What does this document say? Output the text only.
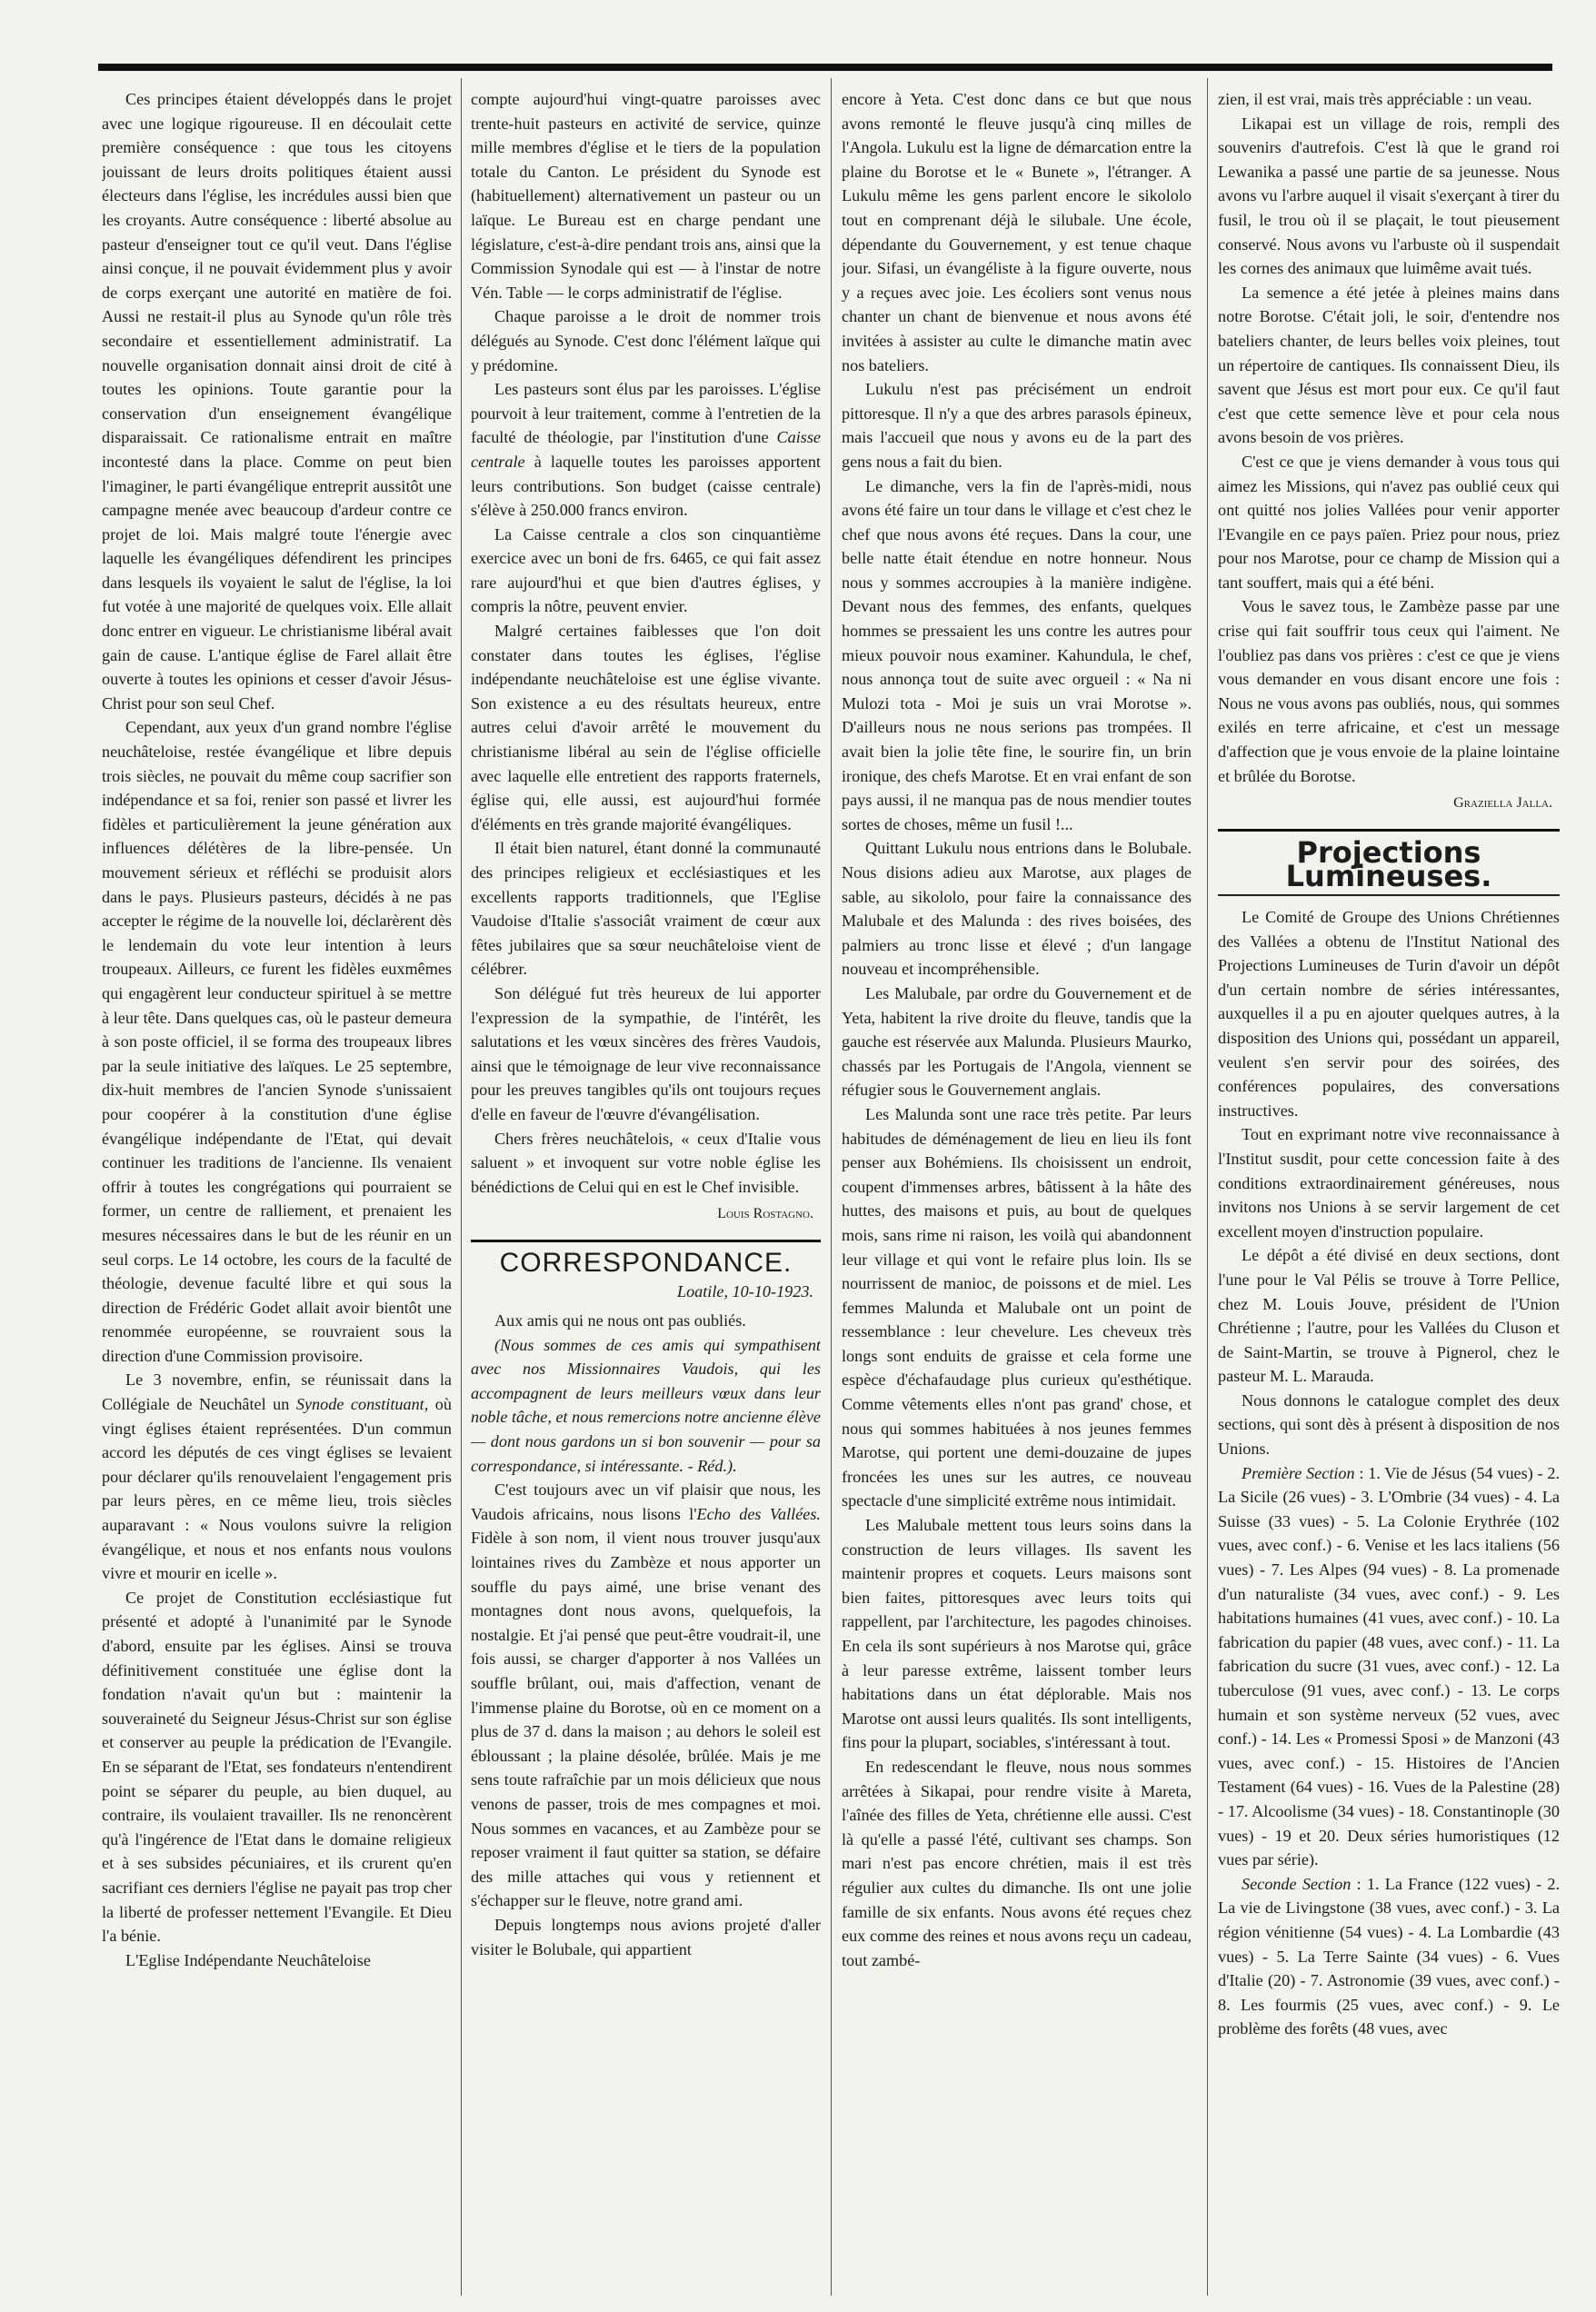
Ces principes étaient développés dans le projet avec une logique rigoureuse. Il en découlait cette première conséquence : que tous les citoyens jouissant de leurs droits politiques étaient aussi électeurs dans l'église, les incrédules aussi bien que les croyants. Autre conséquence : liberté absolue au pasteur d'enseigner tout ce qu'il veut. Dans l'église ainsi conçue, il ne pouvait évidemment plus y avoir de corps exerçant une autorité en matière de foi. Aussi ne restait-il plus au Synode qu'un rôle très secondaire et essentiellement administratif. La nouvelle organisation donnait ainsi droit de cité à toutes les opinions. Toute garantie pour la conservation d'un enseignement évangélique disparaissait. Ce rationalisme entrait en maître incontesté dans la place. Comme on peut bien l'imaginer, le parti évangélique entreprit aussitôt une campagne menée avec beaucoup d'ardeur contre ce projet de loi. Mais malgré toute l'énergie avec laquelle les évangéliques défendirent les principes dans lesquels ils voyaient le salut de l'église, la loi fut votée à une majorité de quelques voix. Elle allait donc entrer en vigueur. Le christianisme libéral avait gain de cause. L'antique église de Farel allait être ouverte à toutes les opinions et cesser d'avoir Jésus-Christ pour son seul Chef.

Cependant, aux yeux d'un grand nombre l'église neuchâteloise, restée évangélique et libre depuis trois siècles, ne pouvait du même coup sacrifier son indépendance et sa foi, renier son passé et livrer les fidèles et particulièrement la jeune génération aux influences délétères de la libre-pensée. Un mouvement sérieux et réfléchi se produisit alors dans le pays. Plusieurs pasteurs, décidés à ne pas accepter le régime de la nouvelle loi, déclarèrent dès le lendemain du vote leur intention à leurs troupeaux. Ailleurs, ce furent les fidèles euxmêmes qui engagèrent leur conducteur spirituel à se mettre à leur tête. Dans quelques cas, où le pasteur demeura à son poste officiel, il se forma des troupeaux libres par la seule initiative des laïques. Le 25 septembre, dix-huit membres de l'ancien Synode s'unissaient pour coopérer à la constitution d'une église évangélique indépendante de l'Etat, qui devait continuer les traditions de l'ancienne. Ils venaient offrir à toutes les congrégations qui pourraient se former, un centre de ralliement, et prenaient les mesures nécessaires dans le but de les réunir en un seul corps. Le 14 octobre, les cours de la faculté de théologie, devenue faculté libre et qui sous la direction de Frédéric Godet allait avoir bientôt une renommée européenne, se rouvraient sous la direction d'une Commission provisoire.

Le 3 novembre, enfin, se réunissait dans la Collégiale de Neuchâtel un Synode constituant, où vingt églises étaient représentées. D'un commun accord les députés de ces vingt églises se levaient pour déclarer qu'ils renouvelaient l'engagement pris par leurs pères, en ce même lieu, trois siècles auparavant : « Nous voulons suivre la religion évangélique, et nous et nos enfants nous voulons vivre et mourir en icelle ».

Ce projet de Constitution ecclésiastique fut présenté et adopté à l'unanimité par le Synode d'abord, ensuite par les églises. Ainsi se trouva définitivement constituée une église dont la fondation n'avait qu'un but : maintenir la souveraineté du Seigneur Jésus-Christ sur son église et conserver au peuple la prédication de l'Evangile. En se séparant de l'Etat, ses fondateurs n'entendirent point se séparer du peuple, au bien duquel, au contraire, ils voulaient travailler. Ils ne renoncèrent qu'à l'ingérence de l'Etat dans le domaine religieux et à ses subsides pécuniaires, et ils crurent qu'en sacrifiant ces derniers l'église ne payait pas trop cher la liberté de professer nettement l'Evangile. Et Dieu l'a bénie.

L'Eglise Indépendante Neuchâteloise

compte aujourd'hui vingt-quatre paroisses avec trente-huit pasteurs en activité de service, quinze mille membres d'église et le tiers de la population totale du Canton. Le président du Synode est (habituellement) alternativement un pasteur ou un laïque. Le Bureau est en charge pendant une législature, c'est-à-dire pendant trois ans, ainsi que la Commission Synodale qui est — à l'instar de notre Vén. Table — le corps administratif de l'église.

Chaque paroisse a le droit de nommer trois délégués au Synode. C'est donc l'élément laïque qui y prédomine.

Les pasteurs sont élus par les paroisses. L'église pourvoit à leur traitement, comme à l'entretien de la faculté de théologie, par l'institution d'une Caisse centrale à laquelle toutes les paroisses apportent leurs contributions. Son budget (caisse centrale) s'élève à 250.000 francs environ.

La Caisse centrale a clos son cinquantième exercice avec un boni de frs. 6465, ce qui fait assez rare aujourd'hui et que bien d'autres églises, y compris la nôtre, peuvent envier.

Malgré certaines faiblesses que l'on doit constater dans toutes les églises, l'église indépendante neuchâteloise est une église vivante. Son existence a eu des résultats heureux, entre autres celui d'avoir arrêté le mouvement du christianisme libéral au sein de l'église officielle avec laquelle elle entretient des rapports fraternels, église qui, elle aussi, est aujourd'hui formée d'éléments en très grande majorité évangéliques.

Il était bien naturel, étant donné la communauté des principes religieux et ecclésiastiques et les excellents rapports traditionnels, que l'Eglise Vaudoise d'Italie s'associât vraiment de cœur aux fêtes jubilaires que sa sœur neuchâteloise vient de célébrer.

Son délégué fut très heureux de lui apporter l'expression de la sympathie, de l'intérêt, les salutations et les vœux sincères des frères Vaudois, ainsi que le témoignage de leur vive reconnaissance pour les preuves tangibles qu'ils ont toujours reçues d'elle en faveur de l'œuvre d'évangélisation.

Chers frères neuchâtelois, « ceux d'Italie vous saluent » et invoquent sur votre noble église les bénédictions de Celui qui en est le Chef invisible.

Louis Rostagno.
CORRESPONDANCE.
Loatile, 10-10-1923.

Aux amis qui ne nous ont pas oubliés.

(Nous sommes de ces amis qui sympathisent avec nos Missionnaires Vaudois, qui les accompagnent de leurs meilleurs vœux dans leur noble tâche, et nous remercions notre ancienne élève — dont nous gardons un si bon souvenir — pour sa correspondance, si intéressante. - Réd.).

C'est toujours avec un vif plaisir que nous, les Vaudois africains, nous lisons l'Echo des Vallées. Fidèle à son nom, il vient nous trouver jusqu'aux lointaines rives du Zambèze et nous apporter un souffle du pays aimé, une brise venant des montagnes dont nous avons, quelquefois, la nostalgie. Et j'ai pensé que peut-être voudrait-il, une fois aussi, se charger d'apporter à nos Vallées un souffle brûlant, oui, mais d'affection, venant de l'immense plaine du Borotse, où en ce moment on a plus de 37 d. dans la maison ; au dehors le soleil est ébloussant ; la plaine désolée, brûlée. Mais je me sens toute rafraîchie par un mois délicieux que nous venons de passer, trois de mes compagnes et moi. Nous sommes en vacances, et au Zambèze pour se reposer vraiment il faut quitter sa station, se défaire des mille attaches qui vous y retiennent et s'échapper sur le fleuve, notre grand ami.

Depuis longtemps nous avions projeté d'aller visiter le Bolubale, qui appartient

encore à Yeta. C'est donc dans ce but que nous avons remonté le fleuve jusqu'à cinq milles de l'Angola. Lukulu est la ligne de démarcation entre la plaine du Borotse et le « Bunete », l'étranger. A Lukulu même les gens parlent encore le sikololo tout en comprenant déjà le silubale. Une école, dépendante du Gouvernement, y est tenue chaque jour. Sifasi, un évangéliste à la figure ouverte, nous y a reçues avec joie. Les écoliers sont venus nous chanter un chant de bienvenue et nous avons été invitées à assister au culte le dimanche matin avec nos bateliers.

Lukulu n'est pas précisément un endroit pittoresque. Il n'y a que des arbres parasols épineux, mais l'accueil que nous y avons eu de la part des gens nous a fait du bien.

Le dimanche, vers la fin de l'après-midi, nous avons été faire un tour dans le village et c'est chez le chef que nous avons été reçues. Dans la cour, une belle natte était étendue en notre honneur. Nous nous y sommes accroupies à la manière indigène. Devant nous des femmes, des enfants, quelques hommes se pressaient les uns contre les autres pour mieux pouvoir nous examiner. Kahundula, le chef, nous annonça tout de suite avec orgueil : « Na ni Mulozi tota - Moi je suis un vrai Morotse ». D'ailleurs nous ne nous serions pas trompées. Il avait bien la jolie tête fine, le sourire fin, un brin ironique, des chefs Marotse. Et en vrai enfant de son pays aussi, il ne manqua pas de nous mendier toutes sortes de choses, même un fusil !...

Quittant Lukulu nous entrions dans le Bolubale. Nous disions adieu aux Marotse, aux plages de sable, au sikololo, pour faire la connaissance des Malubale et des Malunda : des rives boisées, des palmiers au tronc lisse et élevé ; d'un langage nouveau et incompréhensible.

Les Malubale, par ordre du Gouvernement et de Yeta, habitent la rive droite du fleuve, tandis que la gauche est réservée aux Malunda. Plusieurs Maurko, chassés par les Portugais de l'Angola, viennent se réfugier sous le Gouvernement anglais.

Les Malunda sont une race très petite. Par leurs habitudes de déménagement de lieu en lieu ils font penser aux Bohémiens. Ils choisissent un endroit, coupent d'immenses arbres, bâtissent à la hâte des huttes, des maisons et puis, au bout de quelques mois, sans rime ni raison, les voilà qui abandonnent leur village et qui vont le refaire plus loin. Ils se nourrissent de manioc, de poissons et de miel. Les femmes Malunda et Malubale ont un point de ressemblance : leur chevelure. Les cheveux très longs sont enduits de graisse et cela forme une espèce d'échafaudage plus curieux qu'esthétique. Comme vêtements elles n'ont pas grand' chose, et nous qui sommes habituées à nos jeunes femmes Marotse, qui portent une demi-douzaine de jupes froncées les unes sur les autres, ce nouveau spectacle d'une simplicité extrême nous intimidait.

Les Malubale mettent tous leurs soins dans la construction de leurs villages. Ils savent les maintenir propres et coquets. Leurs maisons sont bien faites, pittoresques avec leurs toits qui rappellent, par l'architecture, les pagodes chinoises. En cela ils sont supérieurs à nos Marotse qui, grâce à leur paresse extrême, laissent tomber leurs habitations dans un état déplorable. Mais nos Marotse ont aussi leurs qualités. Ils sont intelligents, fins pour la plupart, sociables, s'intéressant à tout.

En redescendant le fleuve, nous nous sommes arrêtées à Sikapai, pour rendre visite à Mareta, l'aînée des filles de Yeta, chrétienne elle aussi. C'est là qu'elle a passé l'été, cultivant ses champs. Son mari n'est pas encore chrétien, mais il est très régulier aux cultes du dimanche. Ils ont une jolie famille de six enfants. Nous avons été reçues chez eux comme des reines et nous avons reçu un cadeau, tout zambé-

zien, il est vrai, mais très appréciable : un veau.

Likapai est un village de rois, rempli des souvenirs d'autrefois. C'est là que le grand roi Lewanika a passé une partie de sa jeunesse. Nous avons vu l'arbre auquel il visait s'exerçant à tirer du fusil, le trou où il se plaçait, le tout pieusement conservé. Nous avons vu l'arbuste où il suspendait les cornes des animaux que luimême avait tués.

La semence a été jetée à pleines mains dans notre Borotse. C'était joli, le soir, d'entendre nos bateliers chanter, de leurs belles voix pleines, tout un répertoire de cantiques. Ils connaissent Dieu, ils savent que Jésus est mort pour eux. Ce qu'il faut c'est que cette semence lève et pour cela nous avons besoin de vos prières.

C'est ce que je viens demander à vous tous qui aimez les Missions, qui n'avez pas oublié ceux qui ont quitté nos jolies Vallées pour venir apporter l'Evangile en ce pays païen. Priez pour nous, priez pour nos Marotse, pour ce champ de Mission qui a tant souffert, mais qui a été béni.

Vous le savez tous, le Zambèze passe par une crise qui fait souffrir tous ceux qui l'aiment. Ne l'oubliez pas dans vos prières : c'est ce que je viens vous demander en vous disant encore une fois : Nous ne vous avons pas oubliés, nous, qui sommes exilés en terre africaine, et c'est un message d'affection que je vous envoie de la plaine lointaine et brûlée du Borotse.

Graziella Jalla.
Projections Lumineuses.

Le Comité de Groupe des Unions Chrétiennes des Vallées a obtenu de l'Institut National des Projections Lumineuses de Turin d'avoir un dépôt d'un certain nombre de séries intéressantes, auxquelles il a pu en ajouter quelques autres, à la disposition des Unions qui, possédant un appareil, veulent s'en servir pour des soirées, des conférences populaires, des conversations instructives.

Tout en exprimant notre vive reconnaissance à l'Institut susdit, pour cette concession faite à des conditions extraordinairement généreuses, nous invitons nos Unions à se servir largement de cet excellent moyen d'instruction populaire.

Le dépôt a été divisé en deux sections, dont l'une pour le Val Pélis se trouve à Torre Pellice, chez M. Louis Jouve, président de l'Union Chrétienne ; l'autre, pour les Vallées du Cluson et de Saint-Martin, se trouve à Pignerol, chez le pasteur M. L. Marauda.

Nous donnons le catalogue complet des deux sections, qui sont dès à présent à disposition de nos Unions.

Première Section : 1. Vie de Jésus (54 vues) - 2. La Sicile (26 vues) - 3. L'Ombrie (34 vues) - 4. La Suisse (33 vues) - 5. La Colonie Erythrée (102 vues, avec conf.) - 6. Venise et les lacs italiens (56 vues) - 7. Les Alpes (94 vues) - 8. La promenade d'un naturaliste (34 vues, avec conf.) - 9. Les habitations humaines (41 vues, avec conf.) - 10. La fabrication du papier (48 vues, avec conf.) - 11. La fabrication du sucre (31 vues, avec conf.) - 12. La tuberculose (91 vues, avec conf.) - 13. Le corps humain et son système nerveux (52 vues, avec conf.) - 14. Les « Promessi Sposi » de Manzoni (43 vues, avec conf.) - 15. Histoires de l'Ancien Testament (64 vues) - 16. Vues de la Palestine (28) - 17. Alcoolisme (34 vues) - 18. Constantinople (30 vues) - 19 et 20. Deux séries humoristiques (12 vues par série).

Seconde Section : 1. La France (122 vues) - 2. La vie de Livingstone (38 vues, avec conf.) - 3. La région vénitienne (54 vues) - 4. La Lombardie (43 vues) - 5. La Terre Sainte (34 vues) - 6. Vues d'Italie (20) - 7. Astronomie (39 vues, avec conf.) - 8. Les fourmis (25 vues, avec conf.) - 9. Le problème des forêts (48 vues, avec
